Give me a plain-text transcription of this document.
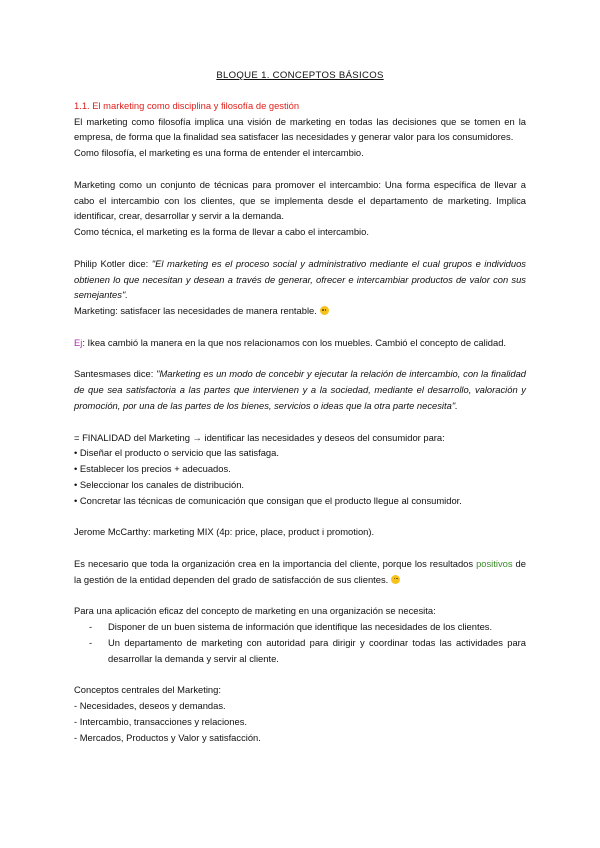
BLOQUE 1. CONCEPTOS BÁSICOS

1.1. El marketing como disciplina y filosofía de gestión

El marketing como filosofía implica una visión de marketing en todas las decisiones que se tomen en la empresa, de forma que la finalidad sea satisfacer las necesidades y generar valor para los consumidores.

Como filosofía, el marketing es una forma de entender el intercambio.

Marketing como un conjunto de técnicas para promover el intercambio: Una forma específica de llevar a cabo el intercambio con los clientes, que se implementa desde el departamento de marketing. Implica identificar, crear, desarrollar y servir a la demanda.

Como técnica, el marketing es la forma de llevar a cabo el intercambio.

Philip Kotler dice: "El marketing es el proceso social y administrativo mediante el cual grupos e individuos obtienen lo que necesitan y desean a través de generar, ofrecer e intercambiar productos de valor con sus semejantes".

Marketing: satisfacer las necesidades de manera rentable.

Ej: Ikea cambió la manera en la que nos relacionamos con los muebles. Cambió el concepto de calidad.

Santesmases dice: "Marketing es un modo de concebir y ejecutar la relación de intercambio, con la finalidad de que sea satisfactoria a las partes que intervienen y a la sociedad, mediante el desarrollo, valoración y promoción, por una de las partes de los bienes, servicios o ideas que la otra parte necesita".

= FINALIDAD del Marketing → identificar las necesidades y deseos del consumidor para:

• Diseñar el producto o servicio que las satisfaga.
• Establecer los precios + adecuados.
• Seleccionar los canales de distribución.
• Concretar las técnicas de comunicación que consigan que el producto llegue al consumidor.

Jerome McCarthy: marketing MIX (4p: price, place, product i promotion).

Es necesario que toda la organización crea en la importancia del cliente, porque los resultados positivos de la gestión de la entidad dependen del grado de satisfacción de sus clientes.

Para una aplicación eficaz del concepto de marketing en una organización se necesita:

- Disponer de un buen sistema de información que identifique las necesidades de los clientes.
- Un departamento de marketing con autoridad para dirigir y coordinar todas las actividades para desarrollar la demanda y servir al cliente.

Conceptos centrales del Marketing:

- Necesidades, deseos y demandas.

- Intercambio, transacciones y relaciones.

- Mercados, Productos y Valor y satisfacción.
